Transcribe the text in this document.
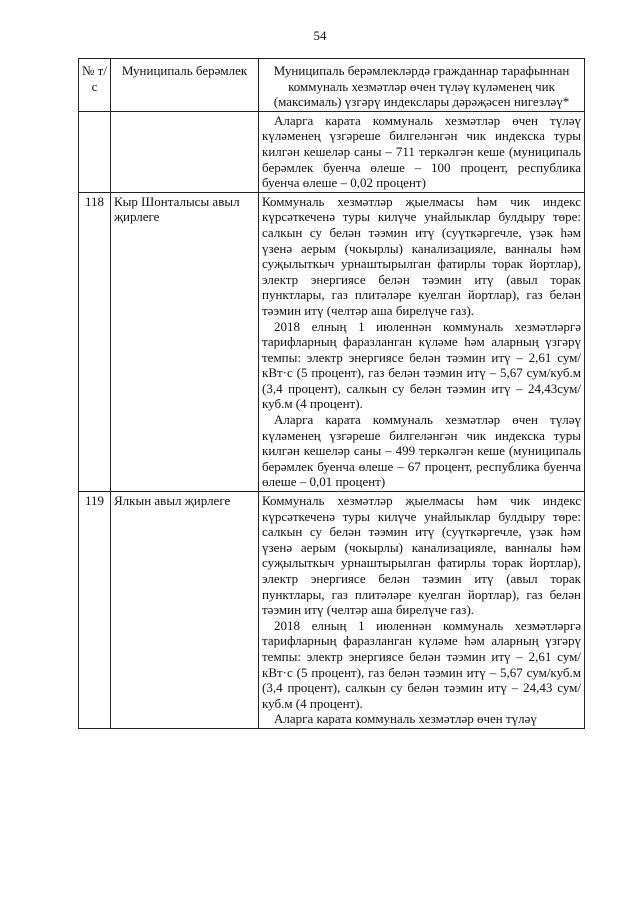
54
№ т/с	Муниципаль берәмлек	Муниципаль берәмлекләрдә гражданнар тарафыннан коммуналь хезмәтләр өчен түләү күләменең чик (максималь) үзгәрү индекслары дәрәҗәсен нигезләү*

		Аларга карата коммуналь хезмәтләр өчен түләү күләменең үзгәреше билгеләнгән чик индекска туры килгән кешеләр саны – 711 теркәлгән кеше (муниципаль берәмлек буенча өлеше – 100 процент, республика буенча өлеше – 0,02 процент)

118	Кыр Шонталысы авыл җирлеге	Коммуналь хезмәтләр җыелмасы һәм чик индекс күрсәткеченә туры килүче унайлыклар булдыру төре: салкын су белән тәэмин итү (суүткәргечле, үзәк һәм үзенә аерым (чокырлы) канализацияле, ванналы һәм суҗылыткыч урнаштырылган фатирлы торак йортлар), электр энергиясе белән тәэмин итү (авыл торак пунктлары, газ плитәләре куелган йортлар), газ белән тәэмин итү (челтәр аша бирелүче газ).
2018 елның 1 июленнән коммуналь хезмәтләргә тарифларның фаразланган күләме һәм аларның үзгәрү темпы: электр энергиясе белән тәэмин итү – 2,61 сум/кВт·с (5 процент), газ белән тәэмин итү – 5,67 сум/куб.м (3,4 процент), салкын су белән тәэмин итү – 24,43сум/куб.м (4 процент).
Аларга карата коммуналь хезмәтләр өчен түләү күләменең үзгәреше билгеләнгән чик индекска туры килгән кешеләр саны – 499 теркәлгән кеше (муниципаль берәмлек буенча өлеше – 67 процент, республика буенча өлеше – 0,01 процент)

119	Ялкын авыл җирлеге	Коммуналь хезмәтләр җыелмасы һәм чик индекс күрсәткеченә туры килүче унайлыклар булдыру төре: салкын су белән тәэмин итү (суүткәргечле, үзәк һәм үзенә аерым (чокырлы) канализацияле, ванналы һәм суҗылыткыч урнаштырылган фатирлы торак йортлар), электр энергиясе белән тәэмин итү (авыл торак пунктлары, газ плитәләре куелган йортлар), газ белән тәэмин итү (челтәр аша бирелүче газ).
2018 елның 1 июленнән коммуналь хезмәтләргә тарифларның фаразланган күләме һәм аларның үзгәрү темпы: электр энергиясе белән тәэмин итү – 2,61 сум/кВт·с (5 процент), газ белән тәэмин итү – 5,67 сум/куб.м (3,4 процент), салкын су белән тәэмин итү – 24,43 сум/куб.м (4 процент).
Аларга карата коммуналь хезмәтләр өчен түләү
